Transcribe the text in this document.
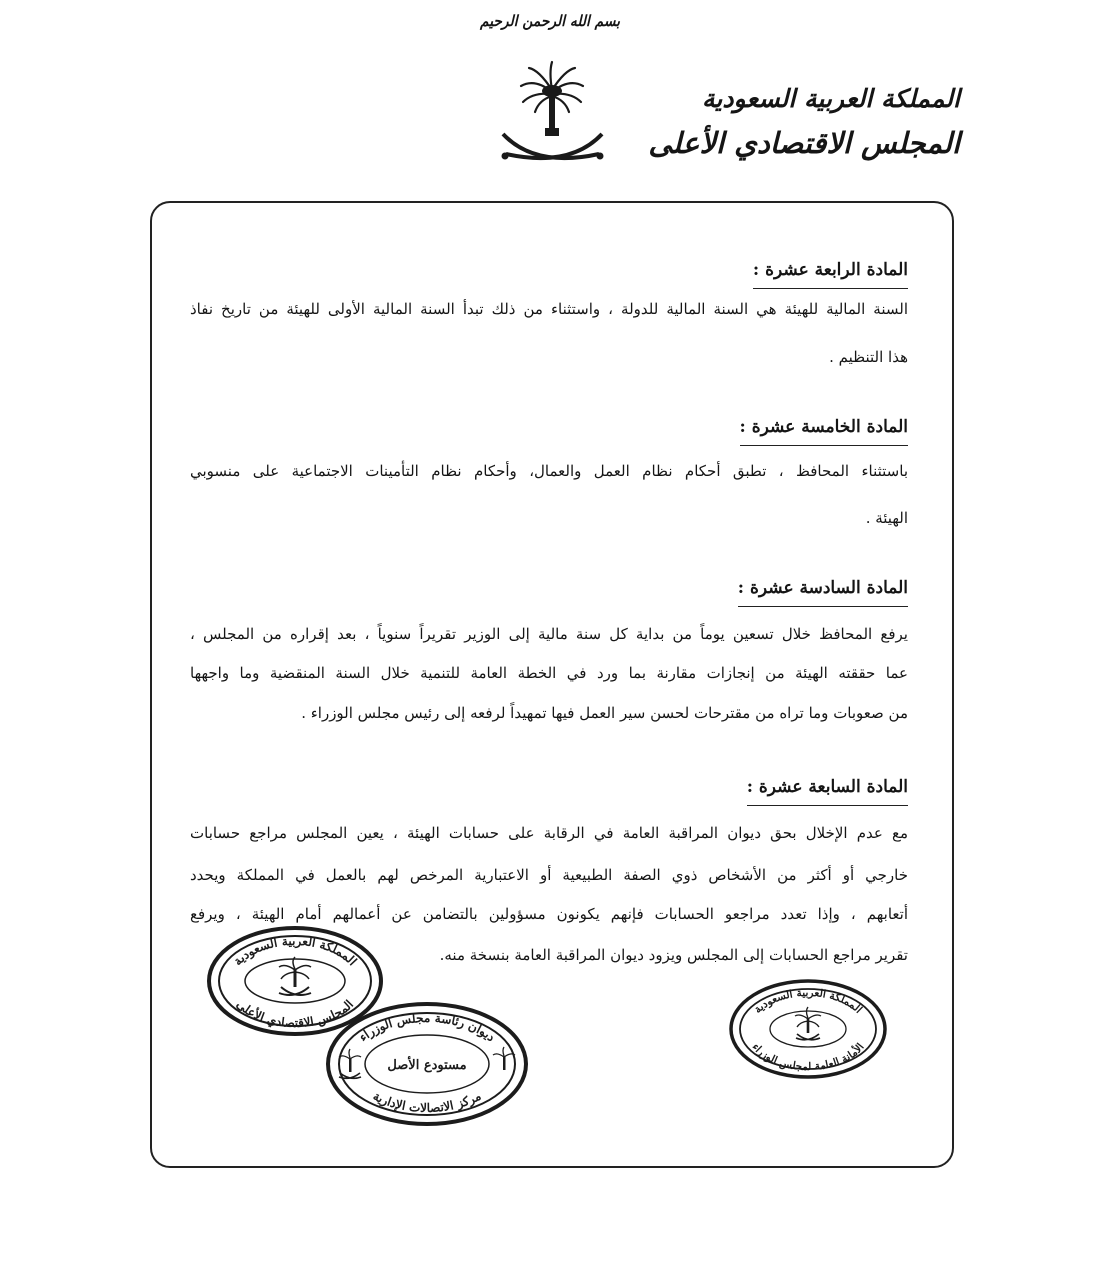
بسم الله الرحمن الرحيم
المملكة العربية السعودية
المجلس الاقتصادي الأعلى
المادة الرابعة عشرة :
السنة المالية للهيئة هي السنة المالية للدولة ، واستثناء من ذلك تبدأ السنة المالية الأولى للهيئة من تاريخ نفاذ
هذا التنظيم .
المادة الخامسة عشرة :
باستثناء المحافظ ، تطبق أحكام نظام العمل والعمال، وأحكام نظام التأمينات الاجتماعية على منسوبي
الهيئة .
المادة السادسة عشرة :
يرفع المحافظ خلال تسعين يوماً من بداية كل سنة مالية إلى الوزير تقريراً سنوياً ، بعد إقراره من المجلس ،
عما حققته الهيئة من إنجازات مقارنة بما ورد في الخطة العامة للتنمية خلال السنة المنقضية وما واجهها
من صعوبات وما تراه من مقترحات لحسن سير العمل فيها تمهيداً لرفعه إلى رئيس مجلس الوزراء .
المادة السابعة عشرة :
مع عدم الإخلال بحق ديوان المراقبة العامة في الرقابة على حسابات الهيئة ، يعين المجلس مراجع حسابات
خارجي أو أكثر من الأشخاص ذوي الصفة الطبيعية أو الاعتبارية المرخص لهم بالعمل في المملكة ويحدد
أتعابهم ، وإذا تعدد مراجعو الحسابات فإنهم يكونون مسؤولين بالتضامن عن أعمالهم أمام الهيئة ، ويرفع
تقرير مراجع الحسابات إلى المجلس ويزود ديوان المراقبة العامة بنسخة منه.
المملكة العربية السعودية
المجلس الاقتصادي الأعلى
ديوان رئاسة مجلس الوزراء
مركز الاتصالات الإدارية
مستودع الأصل
المملكة العربية السعودية
الأمانة العامة لمجلس الوزراء
